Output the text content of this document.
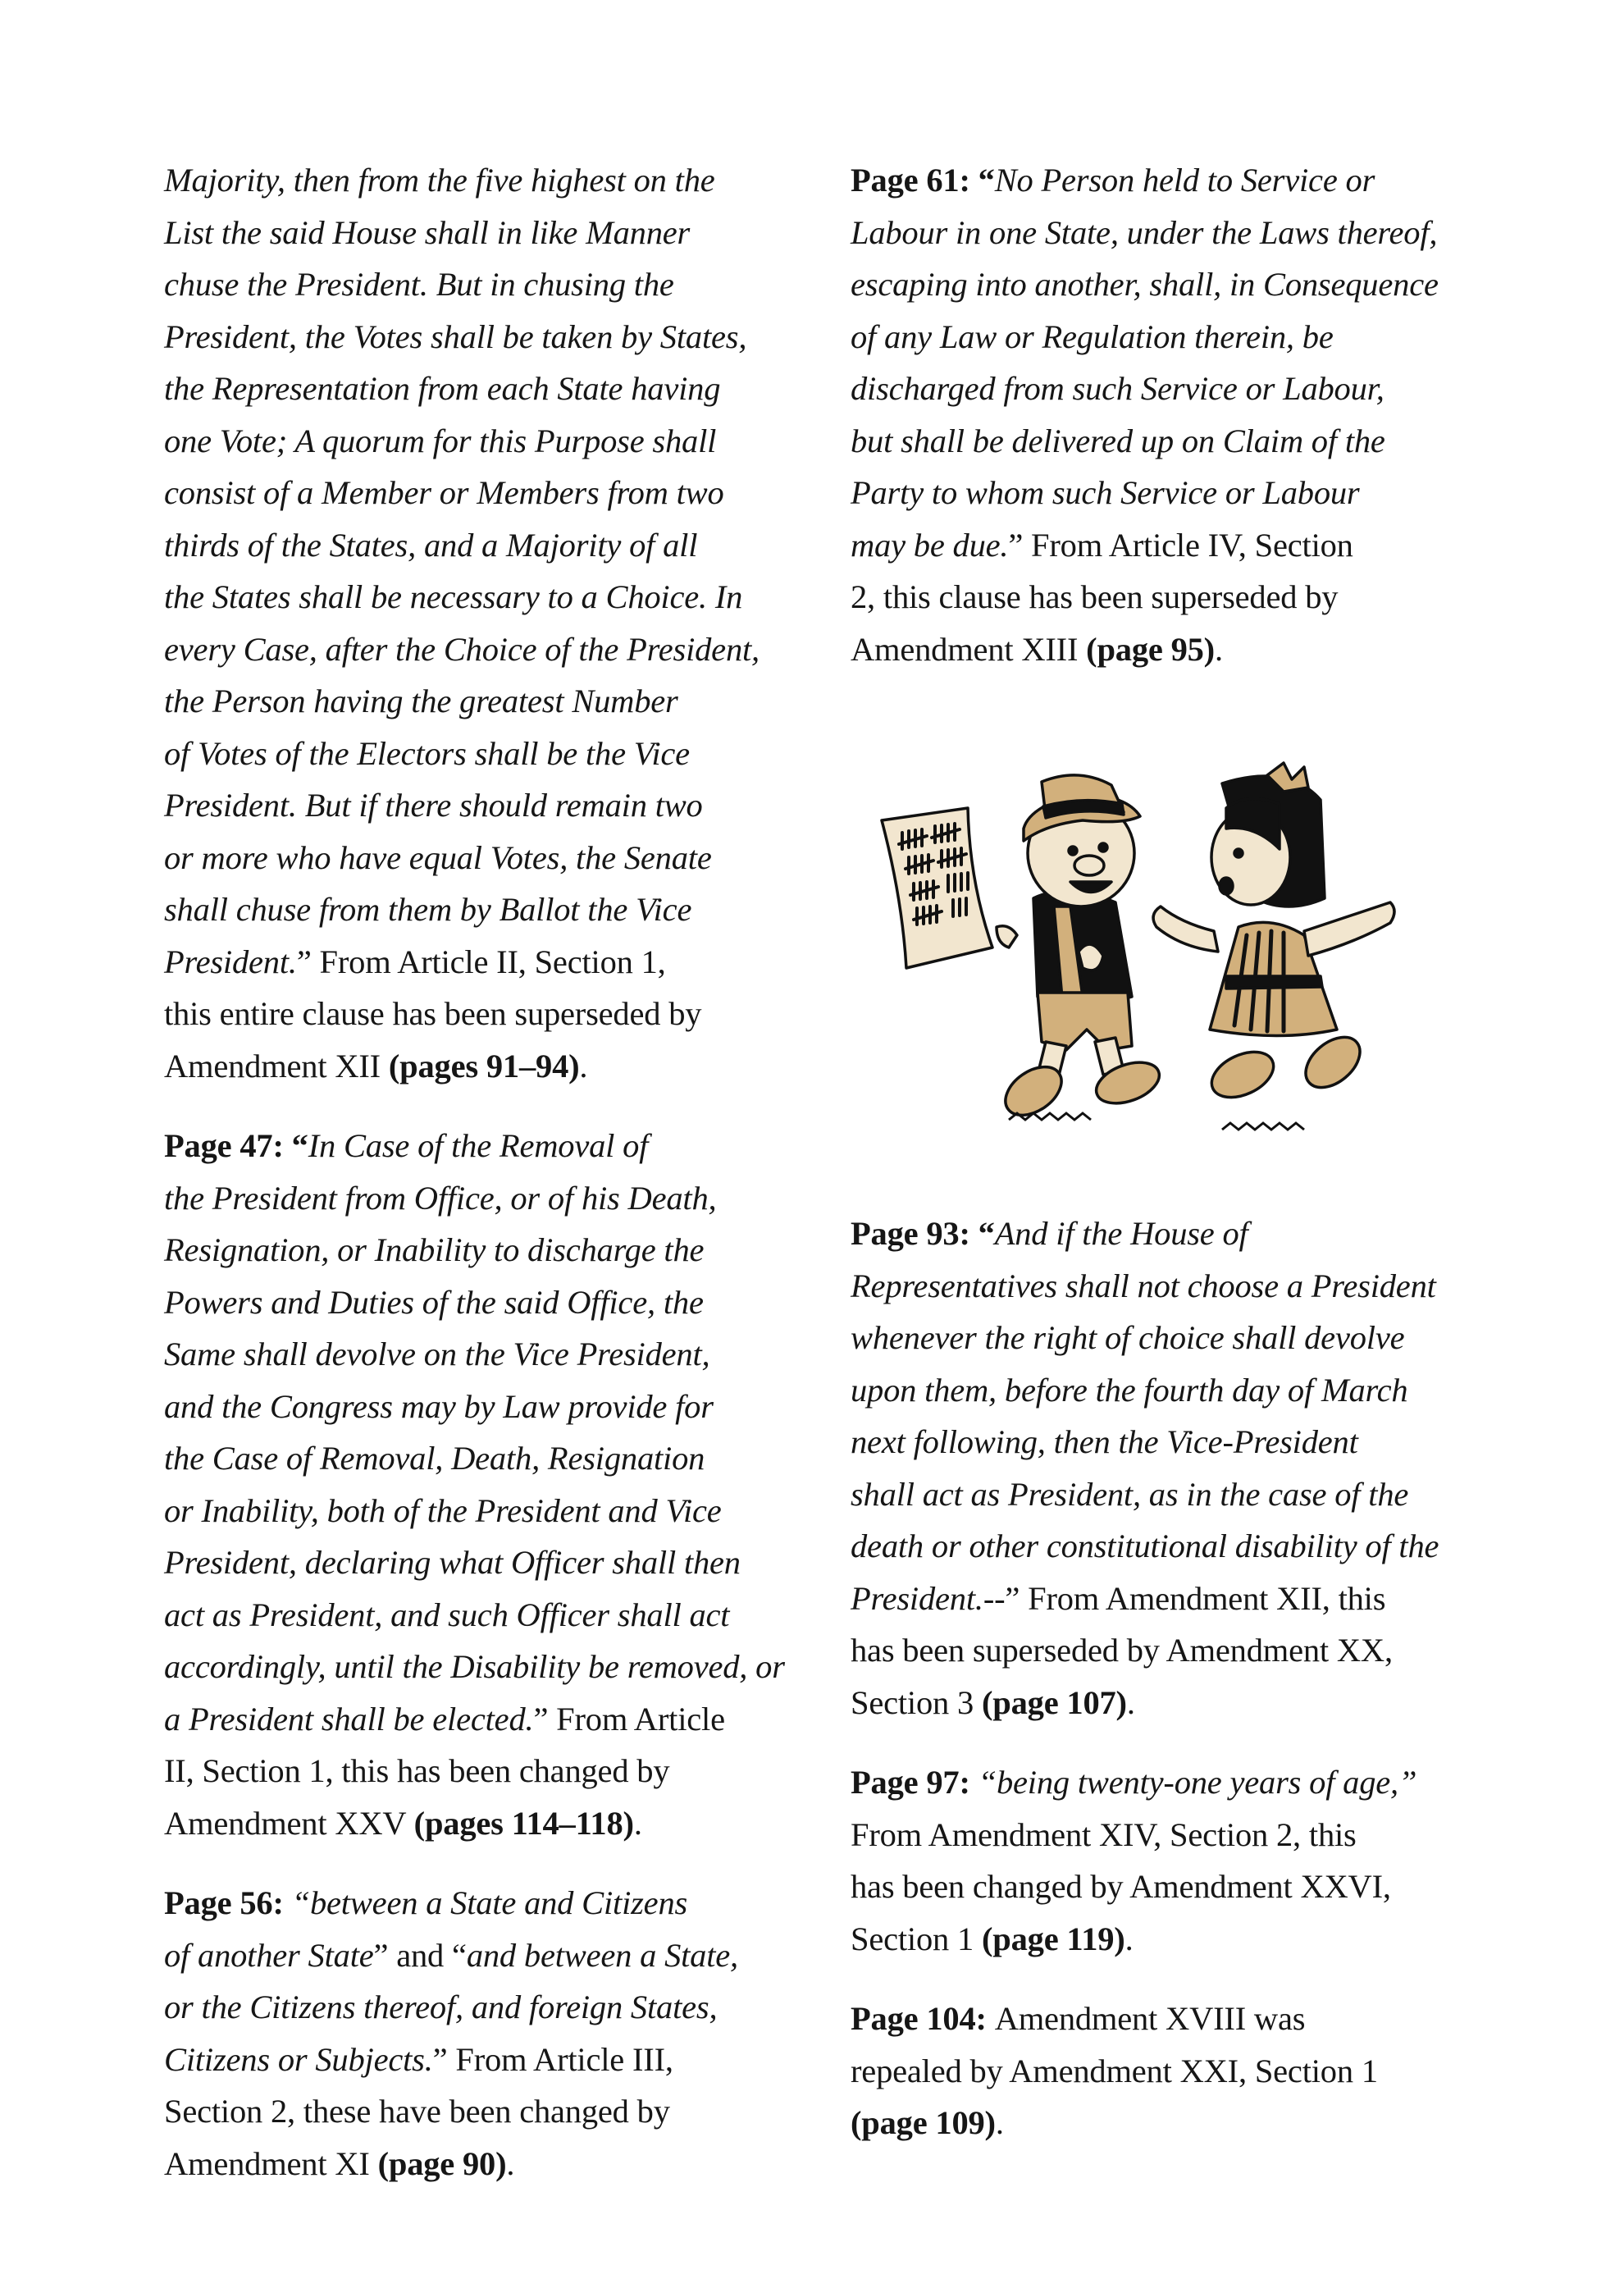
Majority, then from the five highest on the
List the said House shall in like Manner
chuse the President. But in chusing the
President, the Votes shall be taken by States,
the Representation from each State having
one Vote; A quorum for this Purpose shall
consist of a Member or Members from two
thirds of the States, and a Majority of all
the States shall be necessary to a Choice. In
every Case, after the Choice of the President,
the Person having the greatest Number
of Votes of the Electors shall be the Vice
President. But if there should remain two
or more who have equal Votes, the Senate
shall chuse from them by Ballot the Vice
President.” From Article II, Section 1,
this entire clause has been superseded by
Amendment XII (pages 91–94).

Page 47: “In Case of the Removal of
the President from Office, or of his Death,
Resignation, or Inability to discharge the
Powers and Duties of the said Office, the
Same shall devolve on the Vice President,
and the Congress may by Law provide for
the Case of Removal, Death, Resignation
or Inability, both of the President and Vice
President, declaring what Officer shall then
act as President, and such Officer shall act
accordingly, until the Disability be removed, or
a President shall be elected.” From Article
II, Section 1, this has been changed by
Amendment XXV (pages 114–118).

Page 56: “between a State and Citizens
of another State” and “and between a State,
or the Citizens thereof, and foreign States,
Citizens or Subjects.” From Article III,
Section 2, these have been changed by
Amendment XI (page 90).

Page 61: “No Person held to Service or
Labour in one State, under the Laws thereof,
escaping into another, shall, in Consequence
of any Law or Regulation therein, be
discharged from such Service or Labour,
but shall be delivered up on Claim of the
Party to whom such Service or Labour
may be due.” From Article IV, Section
2, this clause has been superseded by
Amendment XIII (page 95).

Page 93: “And if the House of
Representatives shall not choose a President
whenever the right of choice shall devolve
upon them, before the fourth day of March
next following, then the Vice-President
shall act as President, as in the case of the
death or other constitutional disability of the
President.--” From Amendment XII, this
has been superseded by Amendment XX,
Section 3 (page 107).

Page 97: “being twenty-one years of age,”
From Amendment XIV, Section 2, this
has been changed by Amendment XXVI,
Section 1 (page 119).

Page 104: Amendment XVIII was
repealed by Amendment XXI, Section 1
(page 109).
